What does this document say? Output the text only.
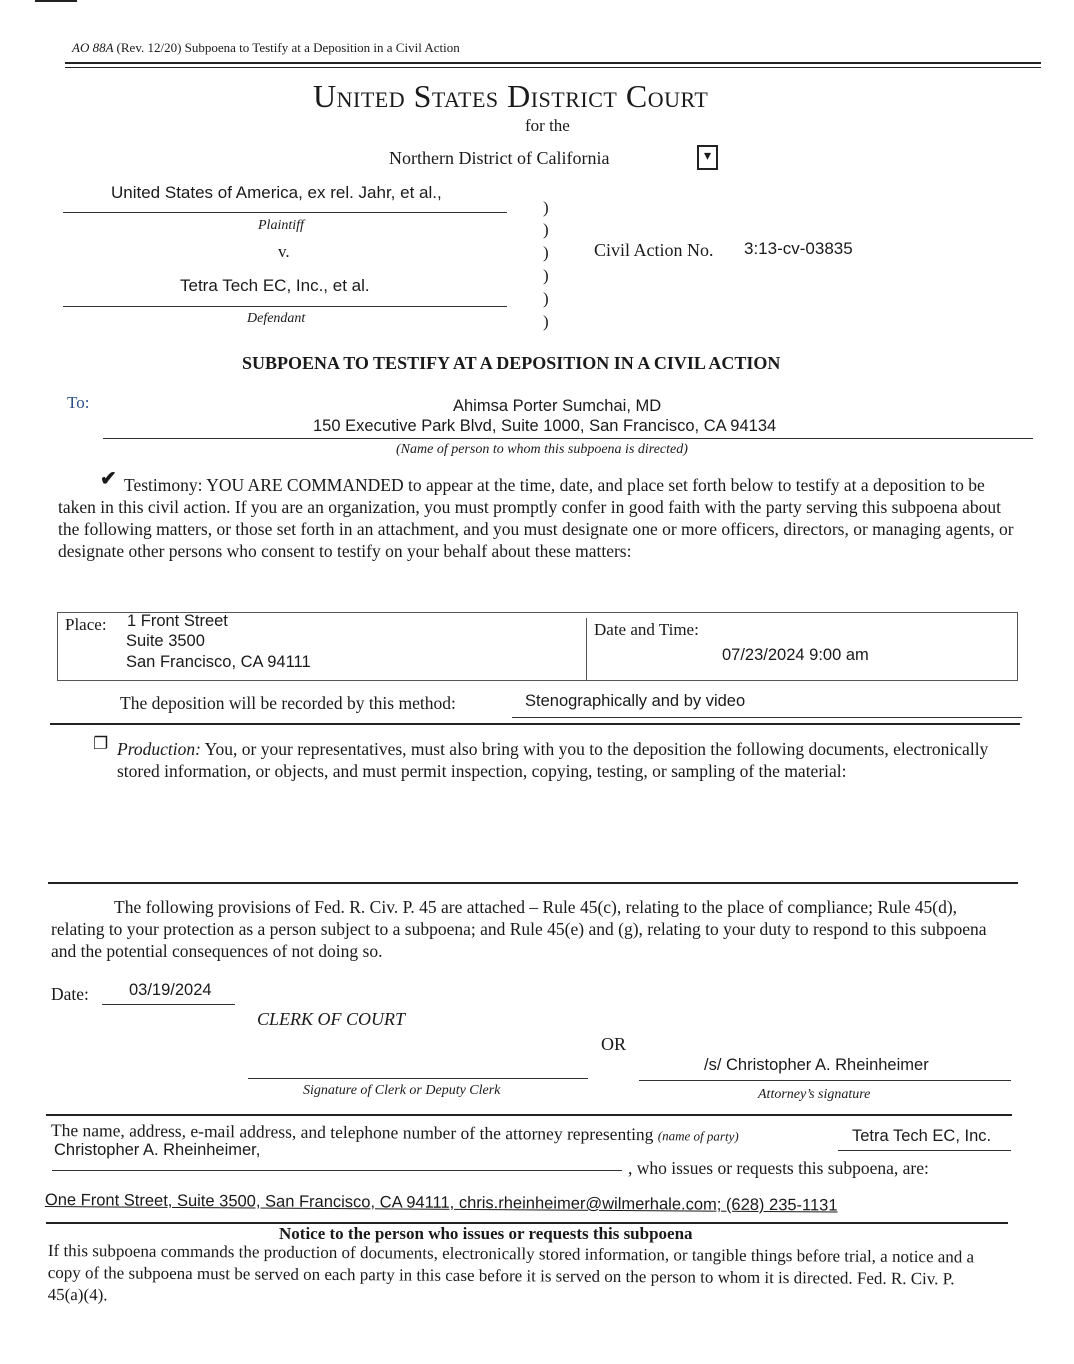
AO 88A (Rev. 12/20) Subpoena to Testify at a Deposition in a Civil Action
United States District Court
for the
Northern District of California	▾
United States of America, ex rel. Jahr, et al.,
Plaintiff
v.
Tetra Tech EC, Inc., et al.
Defendant
)
)
)
)
)
)
Civil Action No. 3:13-cv-03835
SUBPOENA TO TESTIFY AT A DEPOSITION IN A CIVIL ACTION
To:	Ahimsa Porter Sumchai, MD
150 Executive Park Blvd, Suite 1000, San Francisco, CA 94134
(Name of person to whom this subpoena is directed)
✔ Testimony: YOU ARE COMMANDED to appear at the time, date, and place set forth below to testify at a deposition to be taken in this civil action. If you are an organization, you must promptly confer in good faith with the party serving this subpoena about the following matters, or those set forth in an attachment, and you must designate one or more officers, directors, or managing agents, or designate other persons who consent to testify on your behalf about these matters:
Place: 1 Front Street
Suite 3500
San Francisco, CA 94111
Date and Time:
07/23/2024 9:00 am
The deposition will be recorded by this method:	Stenographically and by video
❐ Production: You, or your representatives, must also bring with you to the deposition the following documents, electronically stored information, or objects, and must permit inspection, copying, testing, or sampling of the material:
The following provisions of Fed. R. Civ. P. 45 are attached – Rule 45(c), relating to the place of compliance; Rule 45(d), relating to your protection as a person subject to a subpoena; and Rule 45(e) and (g), relating to your duty to respond to this subpoena and the potential consequences of not doing so.
Date: 03/19/2024
CLERK OF COURT
OR
/s/ Christopher A. Rheinheimer
Signature of Clerk or Deputy Clerk	Attorney’s signature
The name, address, e-mail address, and telephone number of the attorney representing (name of party)	Tetra Tech EC, Inc.
Christopher A. Rheinheimer,
, who issues or requests this subpoena, are:
One Front Street, Suite 3500, San Francisco, CA 94111, chris.rheinheimer@wilmerhale.com; (628) 235-1131
Notice to the person who issues or requests this subpoena
If this subpoena commands the production of documents, electronically stored information, or tangible things before trial, a notice and a copy of the subpoena must be served on each party in this case before it is served on the person to whom it is directed. Fed. R. Civ. P. 45(a)(4).
